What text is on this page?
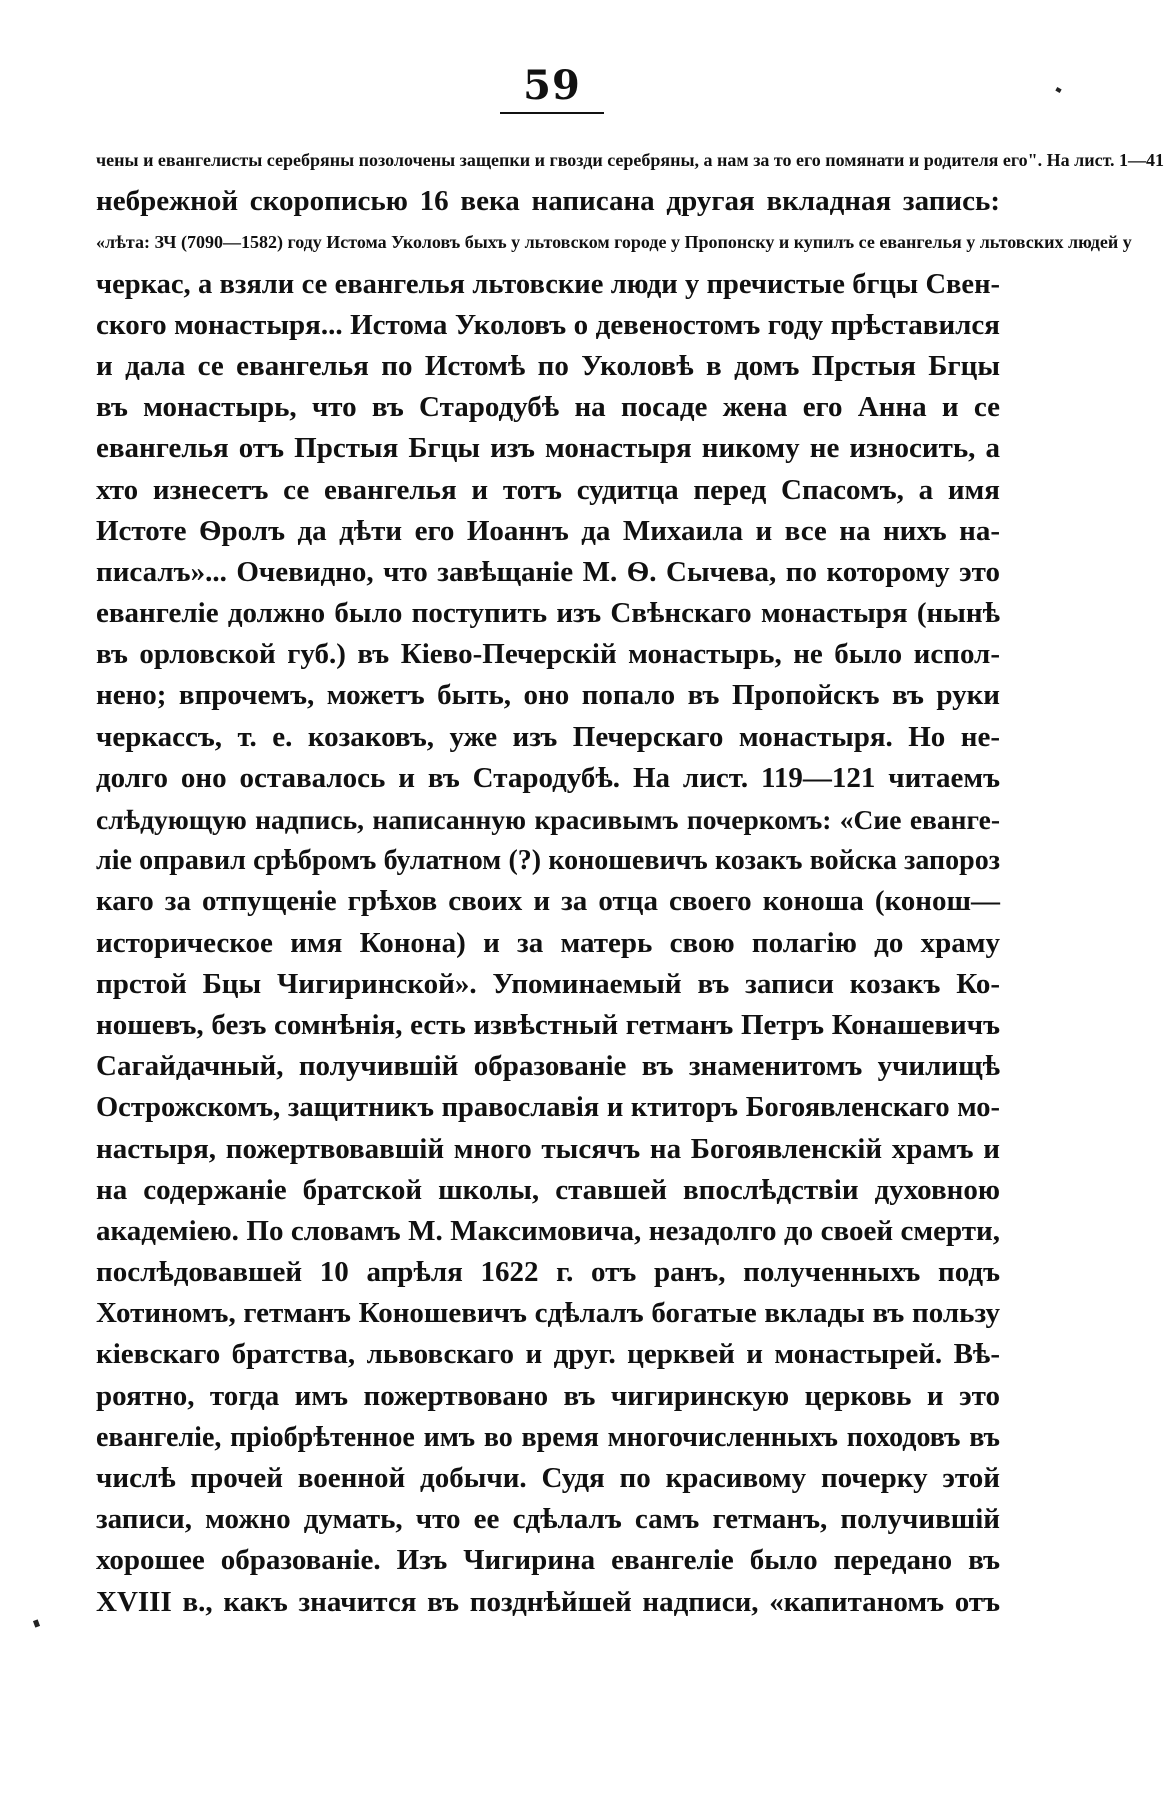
59
чены и евангелисты серебряны позолочены защепки и гвозди серебряны, а нам за то его помянати и родителя его". На лист. 1—41
небрежной скорописью 16 века написана другая вкладная запись:
«лѣта: ЗЧ (7090—1582) году Истома Уколовъ быхъ у льтовском городе у Пропонску и купилъ се евангелья у льтовских людей у
черкас, а взяли се евангелья льтовские люди у пречистые бгцы Свен-
ского монастыря... Истома Уколовъ о девеностомъ году прѣставился
и дала се евангелья по Истомѣ по Уколовѣ в домъ Прстыя Бгцы
въ монастырь, что въ Стародубѣ на посаде жена его Анна и се
евангелья отъ Прстыя Бгцы изъ монастыря никому не износить, а
хто изнесетъ се евангелья и тотъ судитца перед Спасомъ, а имя
Истоте Ѳролъ да дѣти его Иоаннъ да Михаила и все на нихъ на-
писалъ»... Очевидно, что завѣщаніе М. Ѳ. Сычева, по которому это
евангеліе должно было поступить изъ Свѣнскаго монастыря (нынѣ
въ орловской губ.) въ Кіево-Печерскій монастырь, не было испол-
нено; впрочемъ, можетъ быть, оно попало въ Пропойскъ въ руки
черкассъ, т. е. козаковъ, уже изъ Печерскаго монастыря. Но не-
долго оно оставалось и въ Стародубѣ. На лист. 119—121 читаемъ
слѣдующую надпись, написанную красивымъ почеркомъ: «Сие еванге-
ліе оправил срѣбромъ булатном (?) коношевичъ козакъ войска запороз
каго за отпущеніе грѣхов своих и за отца своего коноша (конош—
историческое имя Конона) и за матерь свою полагію до храму
прстой Бцы Чигиринской». Упоминаемый въ записи козакъ Ко-
ношевъ, безъ сомнѣнія, есть извѣстный гетманъ Петръ Конашевичъ
Сагайдачный, получившій образованіе въ знаменитомъ училищѣ
Острожскомъ, защитникъ православія и ктиторъ Богоявленскаго мо-
настыря, пожертвовавшій много тысячъ на Богоявленскій храмъ и
на содержаніе братской школы, ставшей впослѣдствіи духовною
академіею. По словамъ М. Максимовича, незадолго до своей смерти,
послѣдовавшей 10 апрѣля 1622 г. отъ ранъ, полученныхъ подъ
Хотиномъ, гетманъ Коношевичъ сдѣлалъ богатые вклады въ пользу
кіевскаго братства, львовскаго и друг. церквей и монастырей. Вѣ-
роятно, тогда имъ пожертвовано въ чигиринскую церковь и это
евангеліе, пріобрѣтенное имъ во время многочисленныхъ походовъ въ
числѣ прочей военной добычи. Судя по красивому почерку этой
записи, можно думать, что ее сдѣлалъ самъ гетманъ, получившій
хорошее образованіе. Изъ Чигирина евангеліе было передано въ
XVIII в., какъ значится въ позднѣйшей надписи, «капитаномъ отъ
